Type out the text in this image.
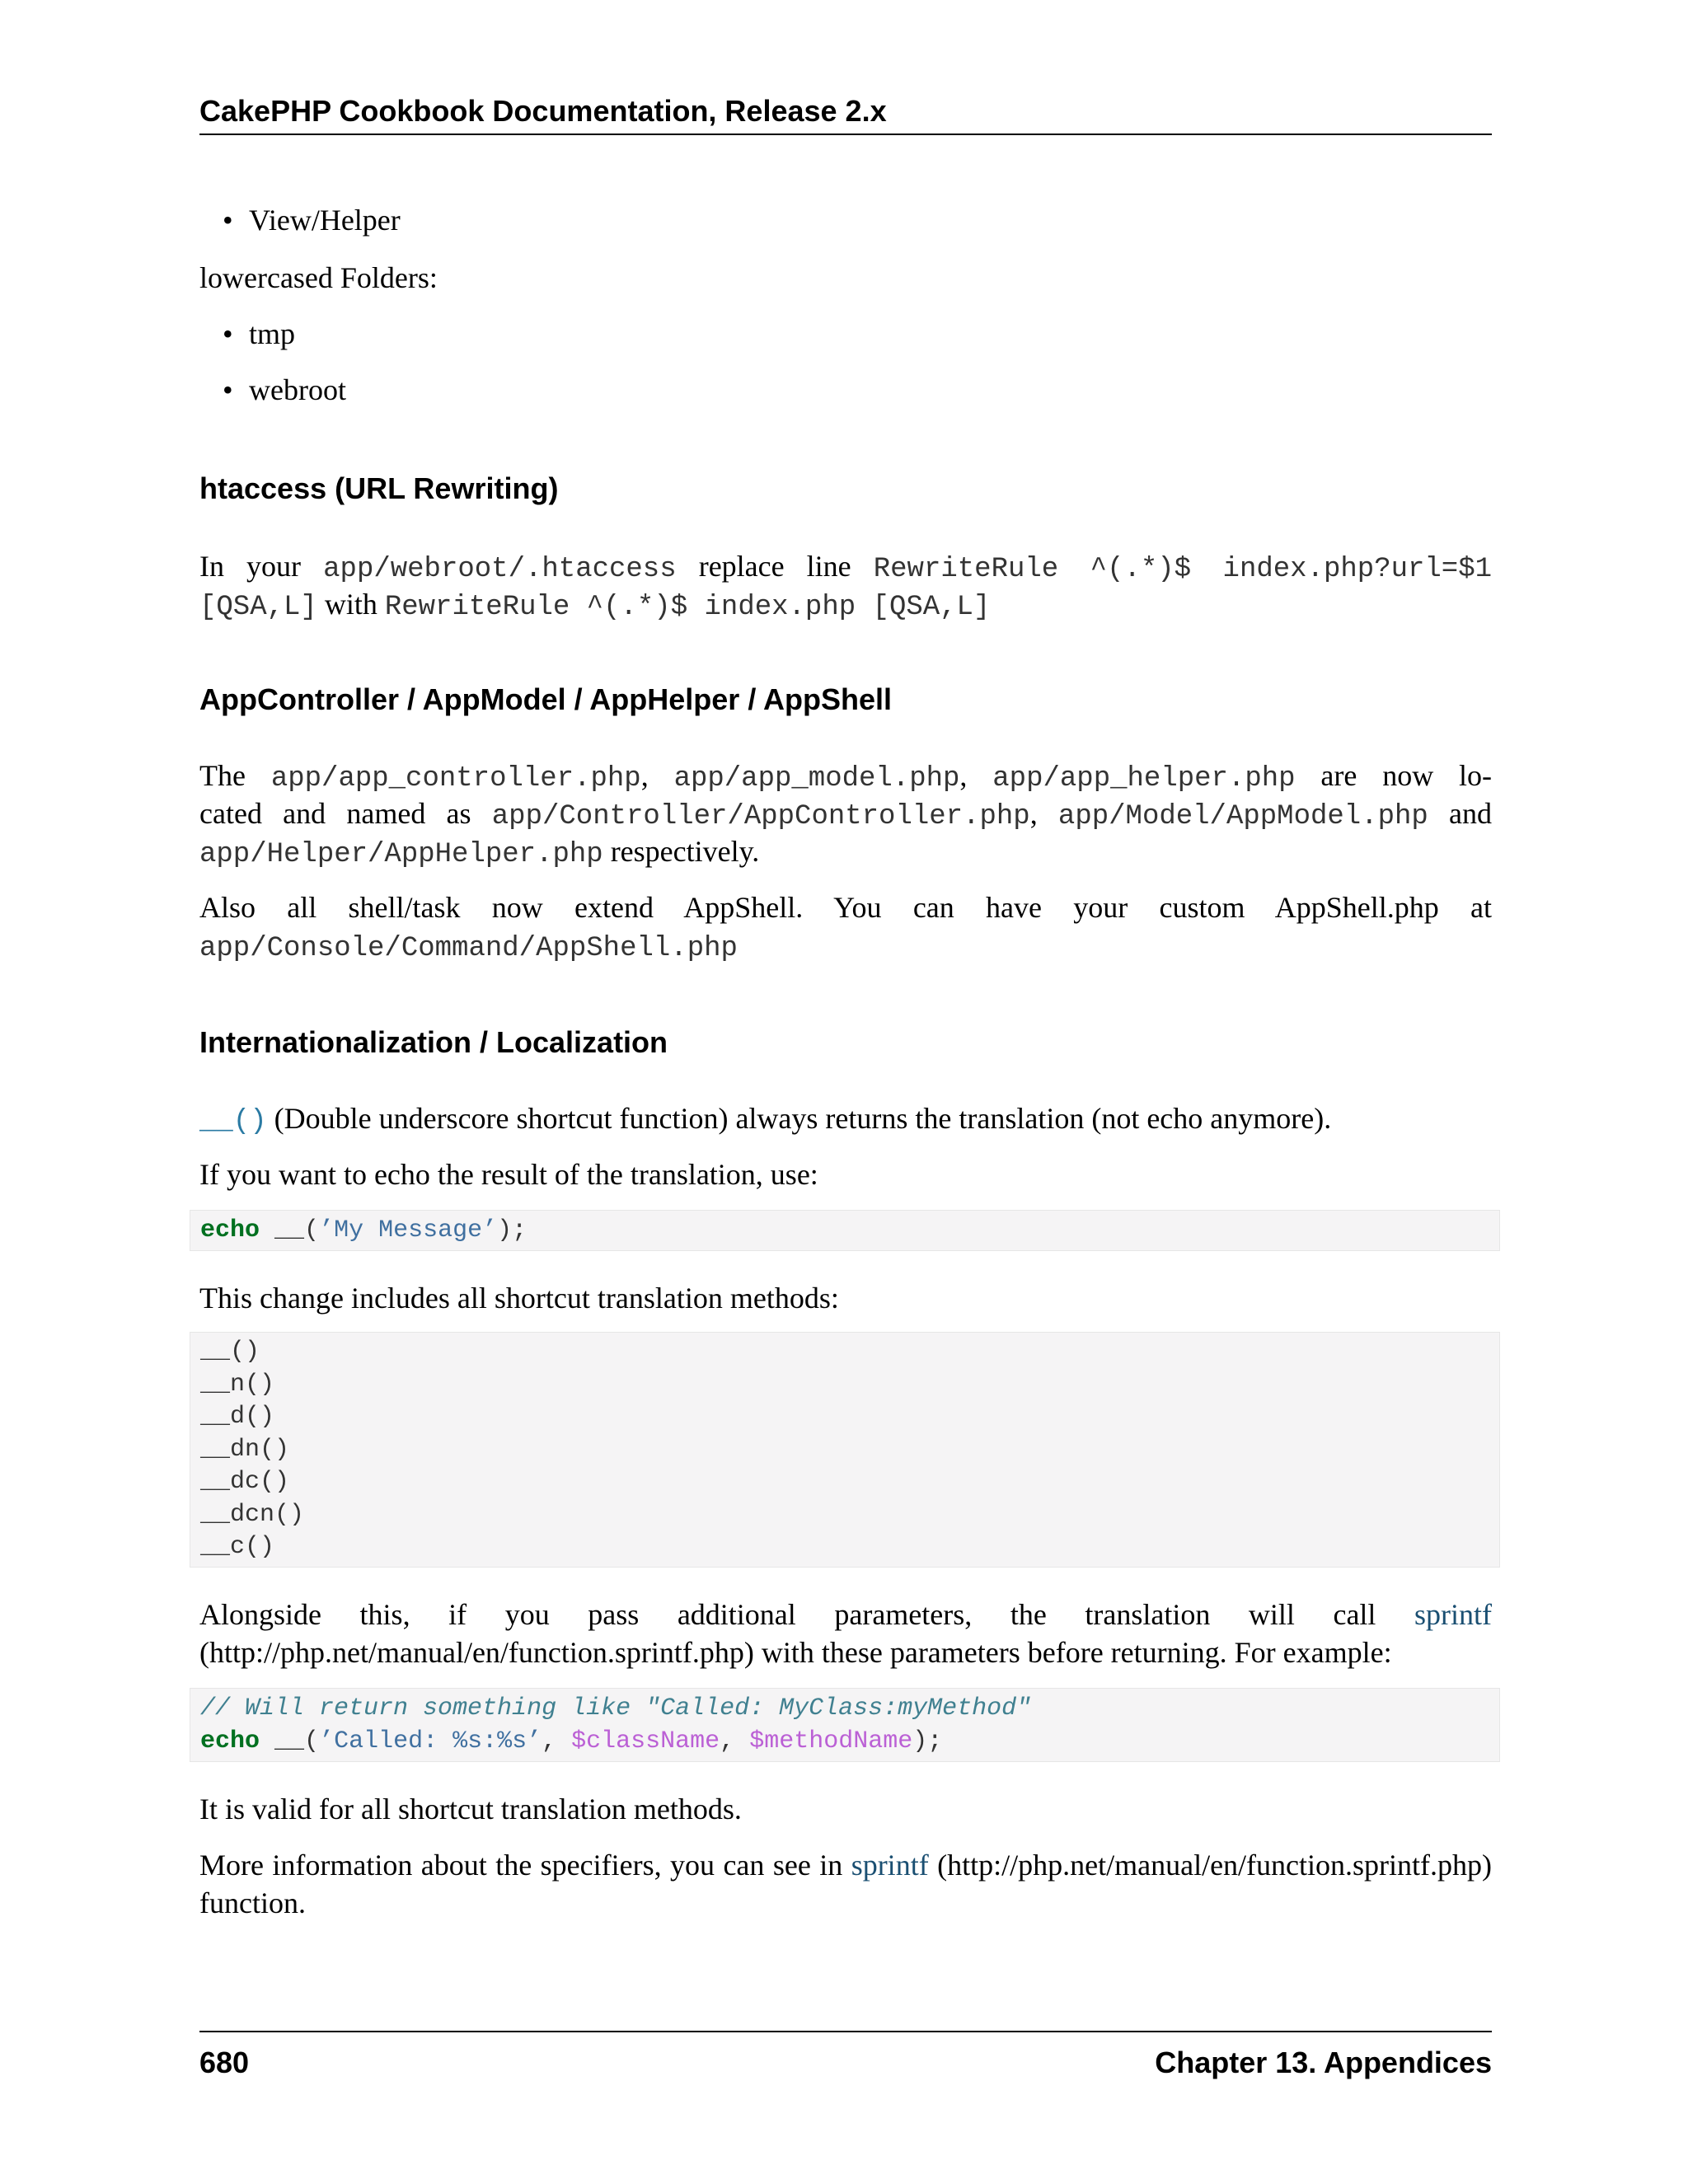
CakePHP Cookbook Documentation, Release 2.x
• View/Helper
lowercased Folders:
• tmp
• webroot
htaccess (URL Rewriting)
In your app/webroot/.htaccess replace line RewriteRule ^(.*)$ index.php?url=$1
[QSA,L] with RewriteRule ^(.*)$ index.php [QSA,L]
AppController / AppModel / AppHelper / AppShell
The app/app_controller.php, app/app_model.php, app/app_helper.php are now lo-
cated and named as app/Controller/AppController.php, app/Model/AppModel.php and
app/Helper/AppHelper.php respectively.
Also all shell/task now extend AppShell. You can have your custom AppShell.php at
app/Console/Command/AppShell.php
Internationalization / Localization
__() (Double underscore shortcut function) always returns the translation (not echo anymore).
If you want to echo the result of the translation, use:
echo __(’My Message’);
This change includes all shortcut translation methods:
__()
__n()
__d()
__dn()
__dc()
__dcn()
__c()
Alongside this, if you pass additional parameters, the translation will call sprintf
(http://php.net/manual/en/function.sprintf.php) with these parameters before returning. For example:
// Will return something like "Called: MyClass:myMethod"
echo __(’Called: %s:%s’, $className, $methodName);
It is valid for all shortcut translation methods.
More information about the specifiers, you can see in sprintf (http://php.net/manual/en/function.sprintf.php)
function.
680	Chapter 13. Appendices
